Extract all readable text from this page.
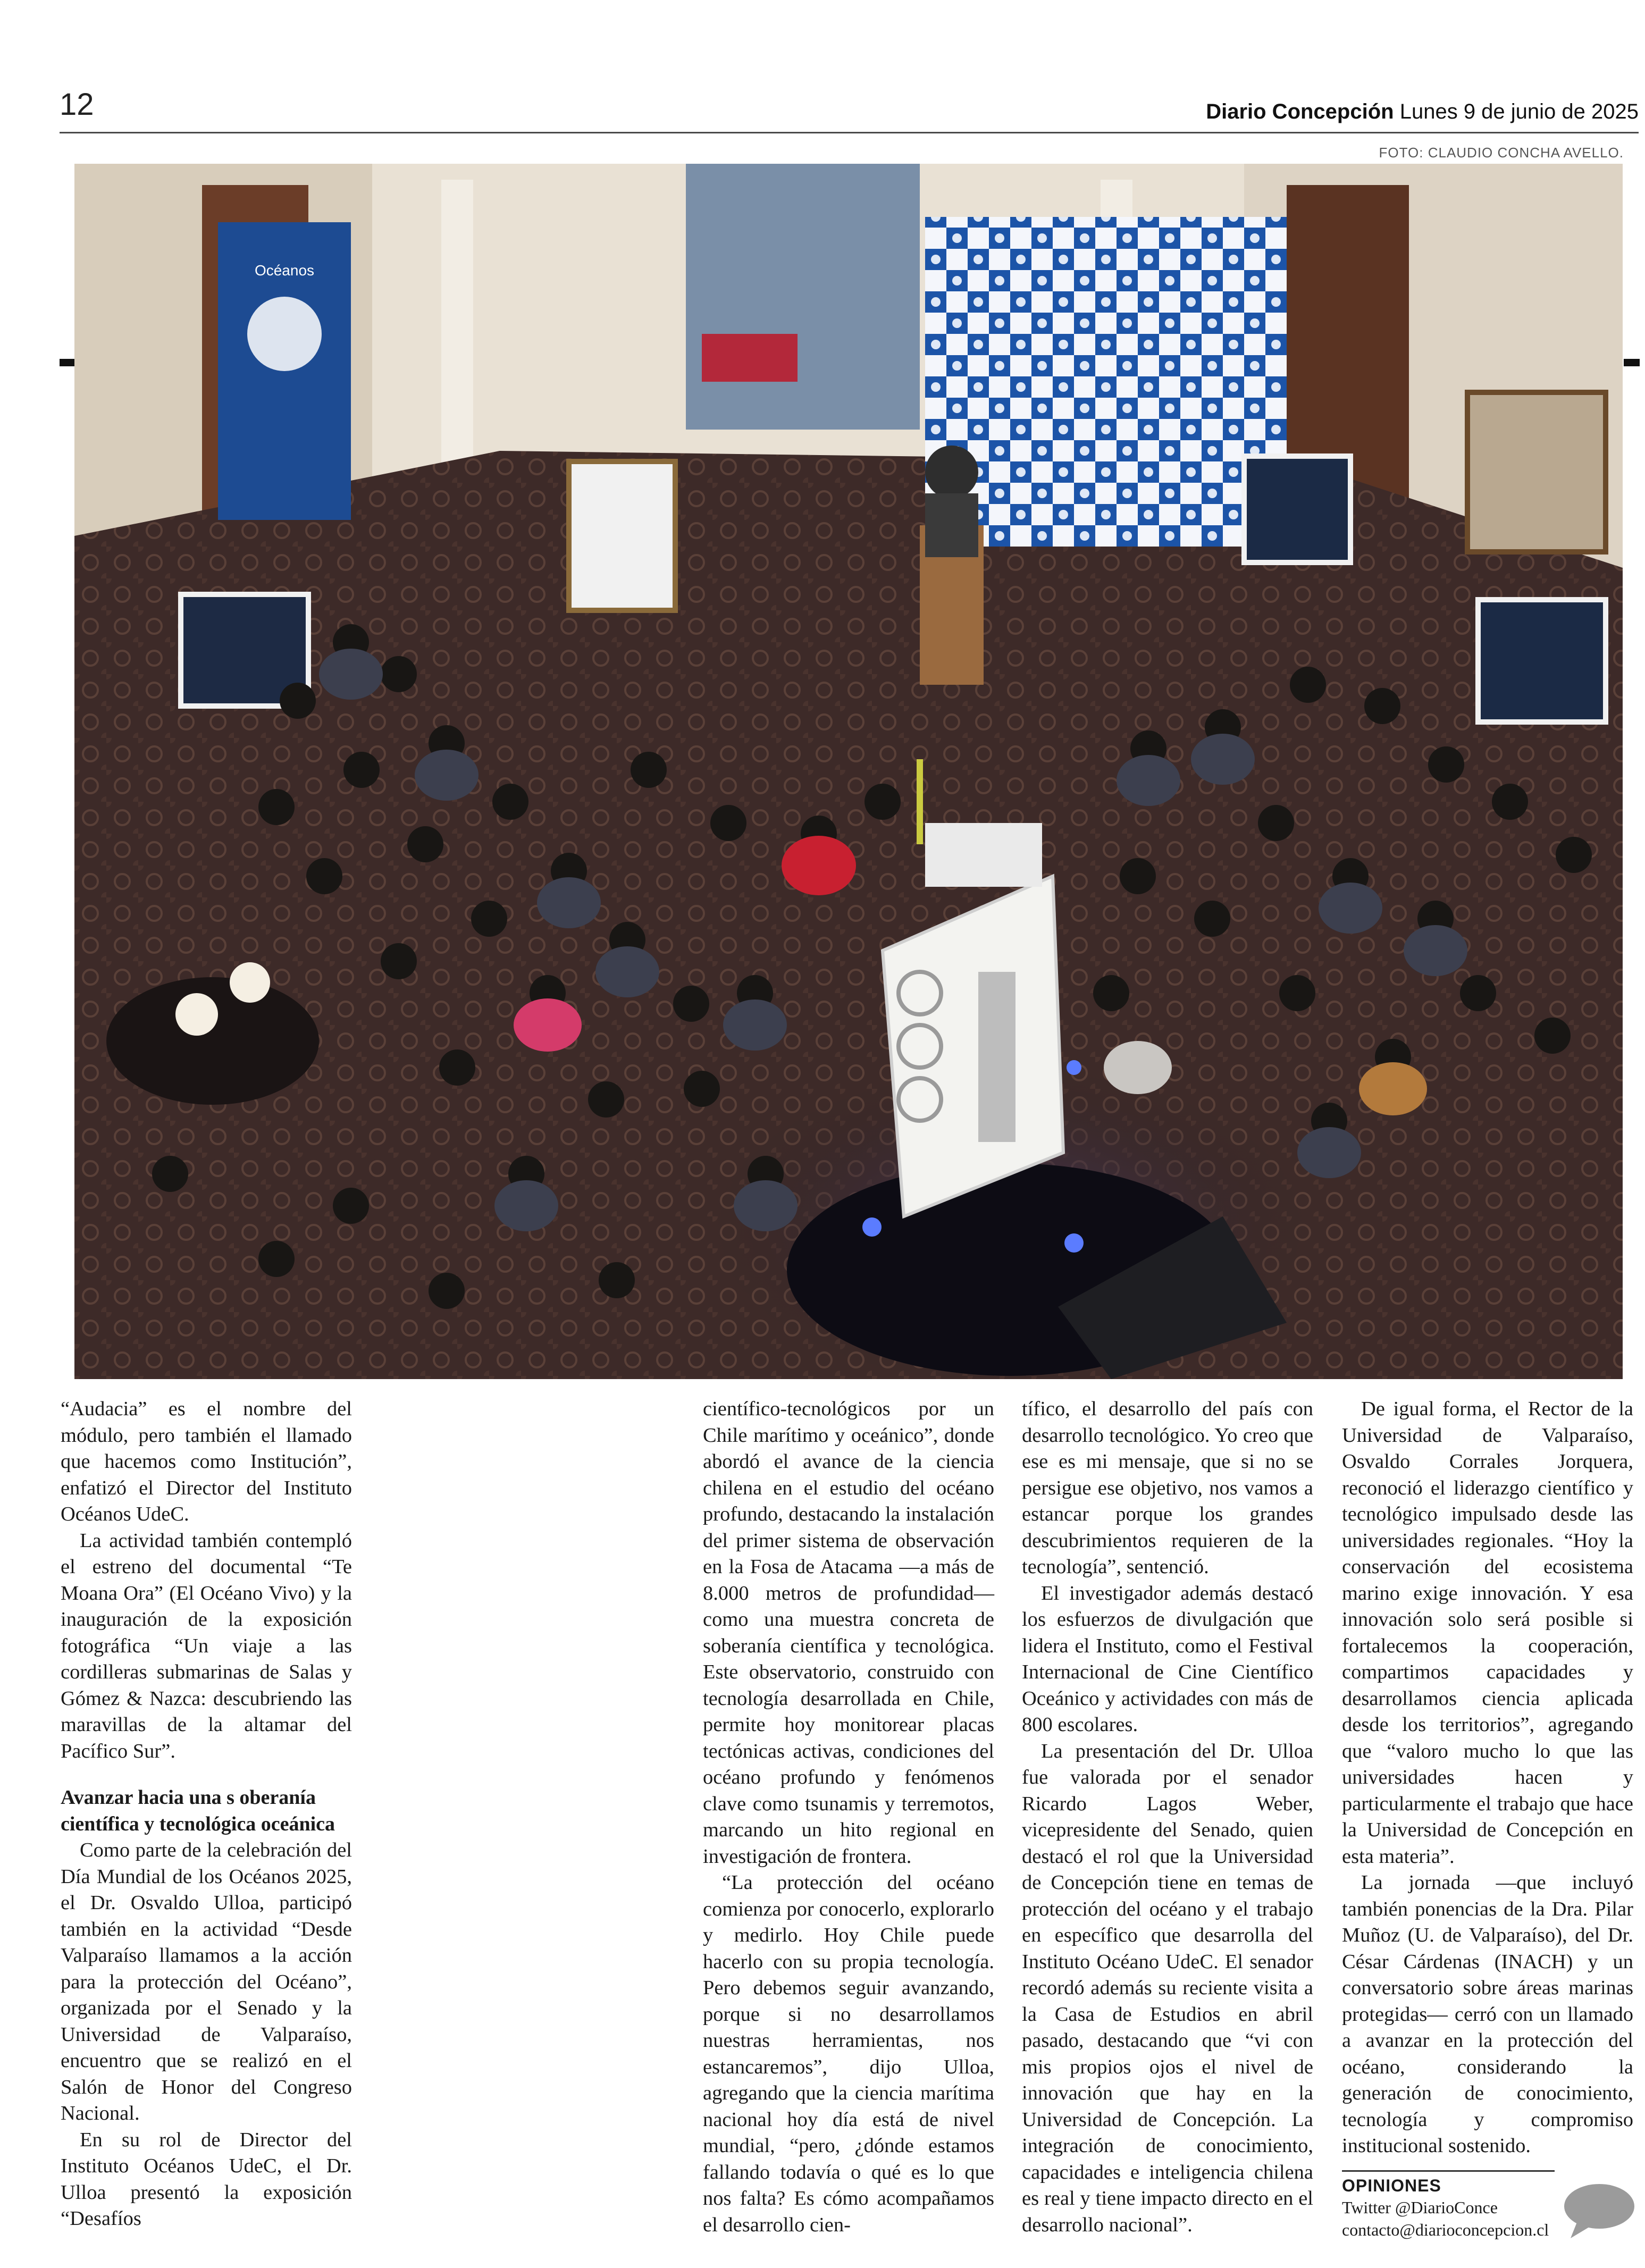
12	Diario Concepción Lunes 9 de junio de 2025
FOTO: CLAUDIO CONCHA AVELLO.
Océanos

“Audacia” es el nombre del módulo, pero también el llamado que hacemos como Institución”, enfatizó el Director del Instituto Océanos UdeC.

La actividad también contempló el estreno del documental “Te Moana Ora” (El Océano Vivo) y la inauguración de la exposición fotográfica “Un viaje a las cordilleras submarinas de Salas y Gómez & Nazca: descubriendo las maravillas de la altamar del Pacífico Sur”.

Avanzar hacia una s oberanía científica y tecnológica oceánica

Como parte de la celebración del Día Mundial de los Océanos 2025, el Dr. Osvaldo Ulloa, participó también en la actividad “Desde Valparaíso llamamos a la acción para la protección del Océano”, organizada por el Senado y la Universidad de Valparaíso, encuentro que se realizó en el Salón de Honor del Congreso Nacional.

En su rol de Director del Instituto Océanos UdeC, el Dr. Ulloa presentó la exposición “Desafíos

científico-tecnológicos por un Chile marítimo y oceánico”, donde abordó el avance de la ciencia chilena en el estudio del océano profundo, destacando la instalación del primer sistema de observación en la Fosa de Atacama —a más de 8.000 metros de profundidad— como una muestra concreta de soberanía científica y tecnológica. Este observatorio, construido con tecnología desarrollada en Chile, permite hoy monitorear placas tectónicas activas, condiciones del océano profundo y fenómenos clave como tsunamis y terremotos, marcando un hito regional en investigación de frontera.

“La protección del océano comienza por conocerlo, explorarlo y medirlo. Hoy Chile puede hacerlo con su propia tecnología. Pero debemos seguir avanzando, porque si no desarrollamos nuestras herramientas, nos estancaremos”, dijo Ulloa, agregando que la ciencia marítima nacional hoy día está de nivel mundial, “pero, ¿dónde estamos fallando todavía o qué es lo que nos falta? Es cómo acompañamos el desarrollo cien-

tífico, el desarrollo del país con desarrollo tecnológico. Yo creo que ese es mi mensaje, que si no se persigue ese objetivo, nos vamos a estancar porque los grandes descubrimientos requieren de la tecnología”, sentenció.

El investigador además destacó los esfuerzos de divulgación que lidera el Instituto, como el Festival Internacional de Cine Científico Oceánico y actividades con más de 800 escolares.

La presentación del Dr. Ulloa fue valorada por el senador Ricardo Lagos Weber, vicepresidente del Senado, quien destacó el rol que la Universidad de Concepción tiene en temas de protección del océano y el trabajo en específico que desarrolla del Instituto Océano UdeC. El senador recordó además su reciente visita a la Casa de Estudios en abril pasado, destacando que “vi con mis propios ojos el nivel de innovación que hay en la Universidad de Concepción. La integración de conocimiento, capacidades e inteligencia chilena es real y tiene impacto directo en el desarrollo nacional”.

De igual forma, el Rector de la Universidad de Valparaíso, Osvaldo Corrales Jorquera, reconoció el liderazgo científico y tecnológico impulsado desde las universidades regionales. “Hoy la conservación del ecosistema marino exige innovación. Y esa innovación solo será posible si fortalecemos la cooperación, compartimos capacidades y desarrollamos ciencia aplicada desde los territorios”, agregando que “valoro mucho lo que las universidades hacen y particularmente el trabajo que hace la Universidad de Concepción en esta materia”.

La jornada —que incluyó también ponencias de la Dra. Pilar Muñoz (U. de Valparaíso), del Dr. César Cárdenas (INACH) y un conversatorio sobre áreas marinas protegidas— cerró con un llamado a avanzar en la protección del océano, considerando la generación de conocimiento, tecnología y compromiso institucional sostenido.

OPINIONES
Twitter @DiarioConce
contacto@diarioconcepcion.cl
